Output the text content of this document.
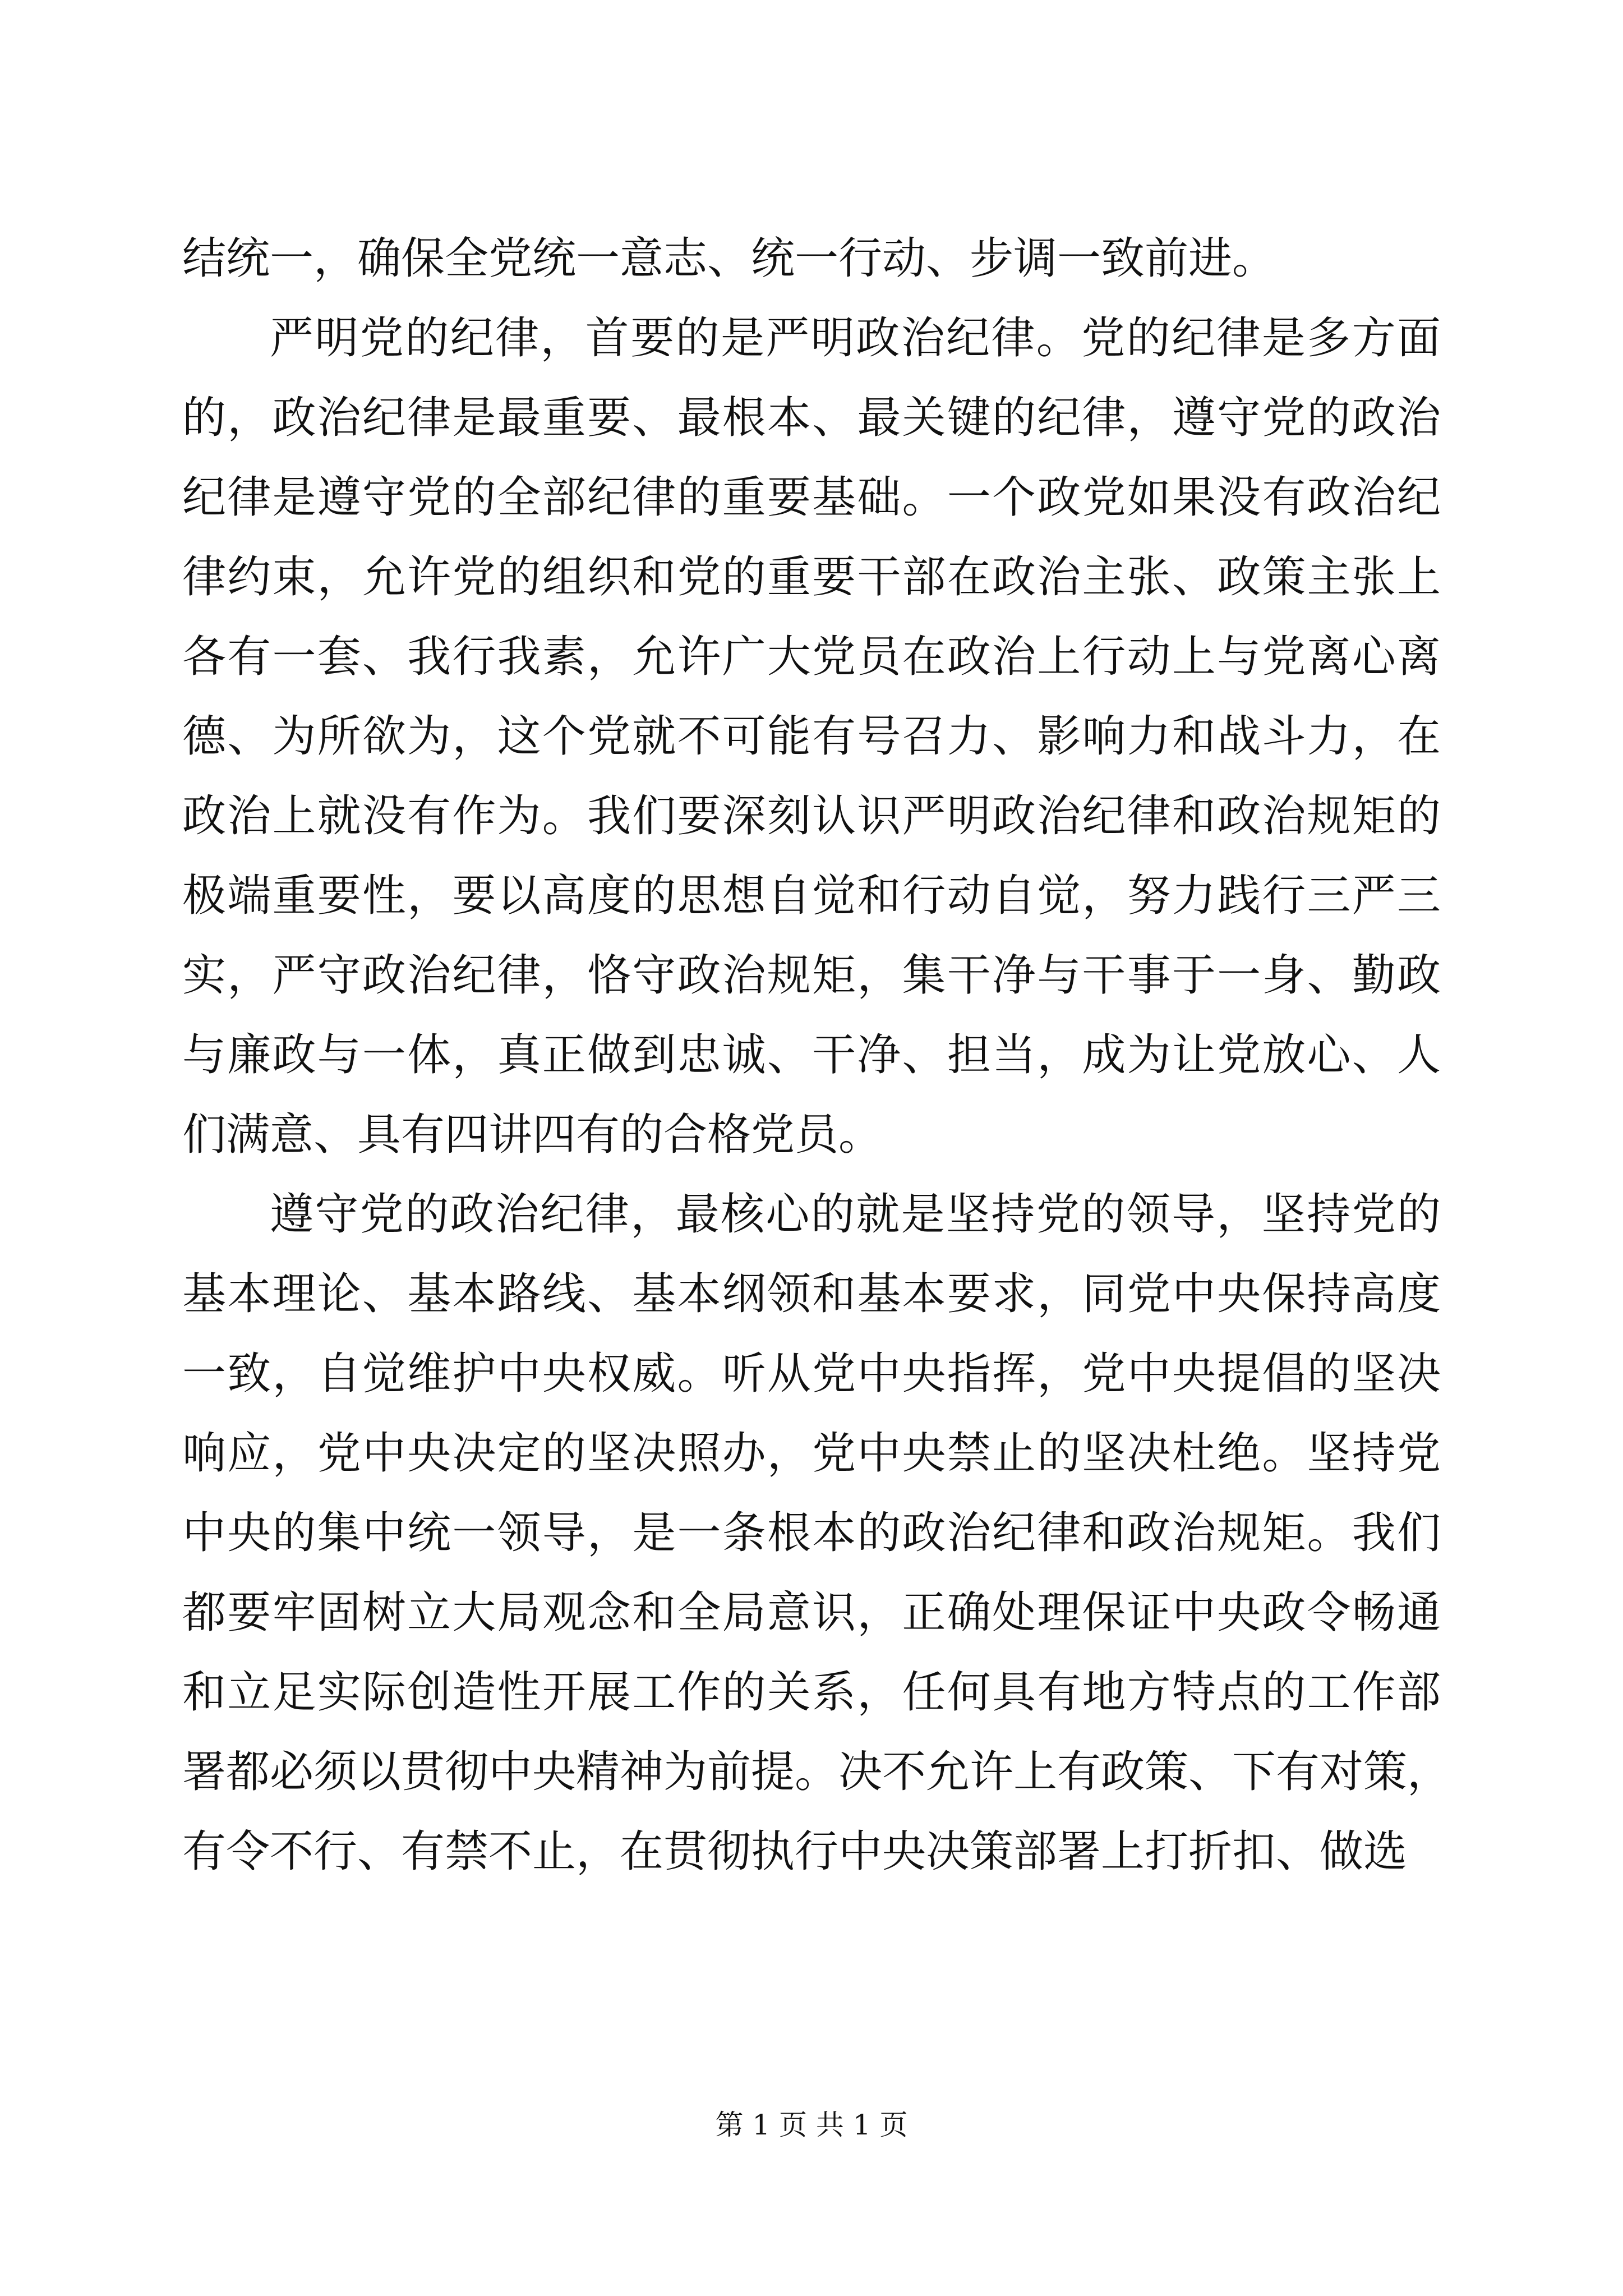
结统一，确保全党统一意志、统一行动、步调一致前进。
严明党的纪律，首要的是严明政治纪律。党的纪律是多方面
的，政治纪律是最重要、最根本、最关键的纪律，遵守党的政治
纪律是遵守党的全部纪律的重要基础。一个政党如果没有政治纪
律约束，允许党的组织和党的重要干部在政治主张、政策主张上
各有一套、我行我素，允许广大党员在政治上行动上与党离心离
德、为所欲为，这个党就不可能有号召力、影响力和战斗力，在
政治上就没有作为。我们要深刻认识严明政治纪律和政治规矩的
极端重要性，要以高度的思想自觉和行动自觉，努力践行三严三
实，严守政治纪律，恪守政治规矩，集干净与干事于一身、勤政
与廉政与一体，真正做到忠诚、干净、担当，成为让党放心、人
们满意、具有四讲四有的合格党员。
遵守党的政治纪律，最核心的就是坚持党的领导，坚持党的
基本理论、基本路线、基本纲领和基本要求，同党中央保持高度
一致，自觉维护中央权威。听从党中央指挥，党中央提倡的坚决
响应，党中央决定的坚决照办，党中央禁止的坚决杜绝。坚持党
中央的集中统一领导，是一条根本的政治纪律和政治规矩。我们
都要牢固树立大局观念和全局意识，正确处理保证中央政令畅通
和立足实际创造性开展工作的关系，任何具有地方特点的工作部
署都必须以贯彻中央精神为前提。决不允许上有政策、下有对策，
有令不行、有禁不止，在贯彻执行中央决策部署上打折扣、做选
第 1 页 共 1 页
